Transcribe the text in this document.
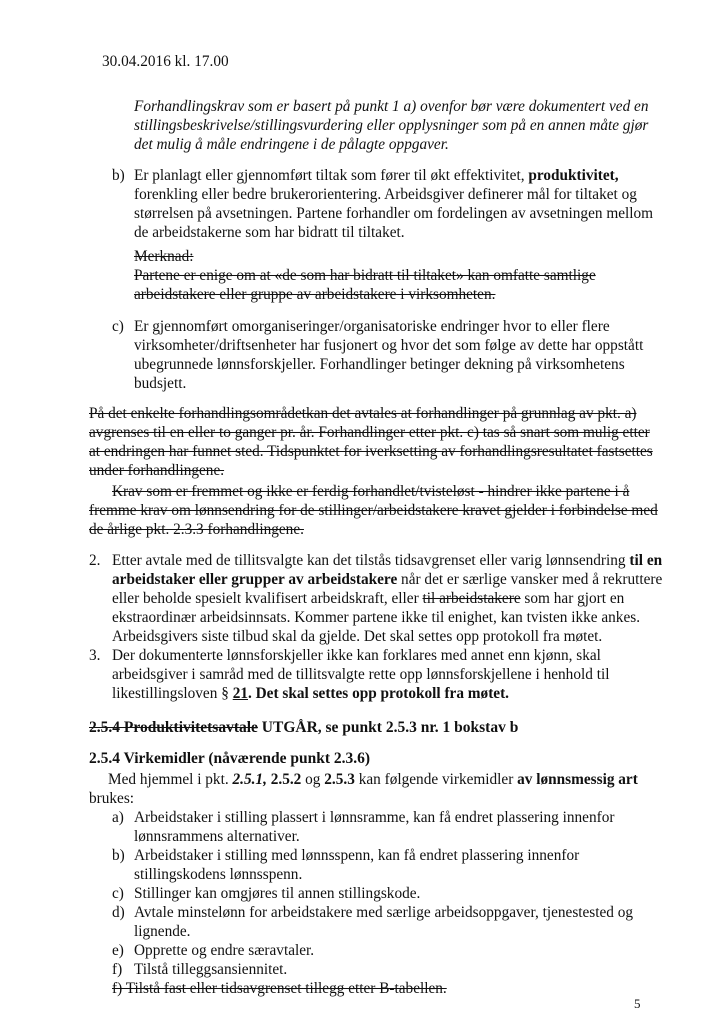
30.04.2016 kl. 17.00
Forhandlingskrav som er basert på punkt 1 a) ovenfor bør være dokumentert ved en
stillingsbeskrivelse/stillingsvurdering eller opplysninger som på en annen måte gjør
det mulig å måle endringene i de pålagte oppgaver.
b) Er planlagt eller gjennomført tiltak som fører til økt effektivitet, produktivitet,
forenkling eller bedre brukerorientering. Arbeidsgiver definerer mål for tiltaket og
størrelsen på avsetningen. Partene forhandler om fordelingen av avsetningen mellom
de arbeidstakerne som har bidratt til tiltaket.
Merknad:
Partene er enige om at «de som har bidratt til tiltaket» kan omfatte samtlige
arbeidstakere eller gruppe av arbeidstakere i virksomheten.
c) Er gjennomført omorganiseringer/organisatoriske endringer hvor to eller flere
virksomheter/driftsenheter har fusjonert og hvor det som følge av dette har oppstått
ubegrunnede lønnsforskjeller. Forhandlinger betinger dekning på virksomhetens
budsjett.
På det enkelte forhandlingsområdetkan det avtales at forhandlinger på grunnlag av pkt. a)
avgrenses til en eller to ganger pr. år. Forhandlinger etter pkt. c) tas så snart som mulig etter
at endringen har funnet sted. Tidspunktet for iverksetting av forhandlingsresultatet fastsettes
under forhandlingene.
Krav som er fremmet og ikke er ferdig forhandlet/tvisteløst - hindrer ikke partene i å
fremme krav om lønnsendring for de stillinger/arbeidstakere kravet gjelder i forbindelse med
de årlige pkt. 2.3.3 forhandlingene.
2. Etter avtale med de tillitsvalgte kan det tilstås tidsavgrenset eller varig lønnsendring til en
arbeidstaker eller grupper av arbeidstakere når det er særlige vansker med å rekruttere
eller beholde spesielt kvalifisert arbeidskraft, eller til arbeidstakere som har gjort en
ekstraordinær arbeidsinnsats. Kommer partene ikke til enighet, kan tvisten ikke ankes.
Arbeidsgivers siste tilbud skal da gjelde. Det skal settes opp protokoll fra møtet.
3. Der dokumenterte lønnsforskjeller ikke kan forklares med annet enn kjønn, skal
arbeidsgiver i samråd med de tillitsvalgte rette opp lønnsforskjellene i henhold til
likestillingsloven § 21. Det skal settes opp protokoll fra møtet.
2.5.4 Produktivitetsavtale UTGÅR, se punkt 2.5.3 nr. 1 bokstav b
2.5.4 Virkemidler (nåværende punkt 2.3.6)
Med hjemmel i pkt. 2.5.1, 2.5.2 og 2.5.3 kan følgende virkemidler av lønnsmessig art
brukes:
a) Arbeidstaker i stilling plassert i lønnsramme, kan få endret plassering innenfor
lønnsrammens alternativer.
b) Arbeidstaker i stilling med lønnsspenn, kan få endret plassering innenfor
stillingskodens lønnsspenn.
c) Stillinger kan omgjøres til annen stillingskode.
d) Avtale minstelønn for arbeidstakere med særlige arbeidsoppgaver, tjenestested og
lignende.
e) Opprette og endre særavtaler.
f) Tilstå tilleggsansiennitet.
f) Tilstå fast eller tidsavgrenset tillegg etter B-tabellen.
5
